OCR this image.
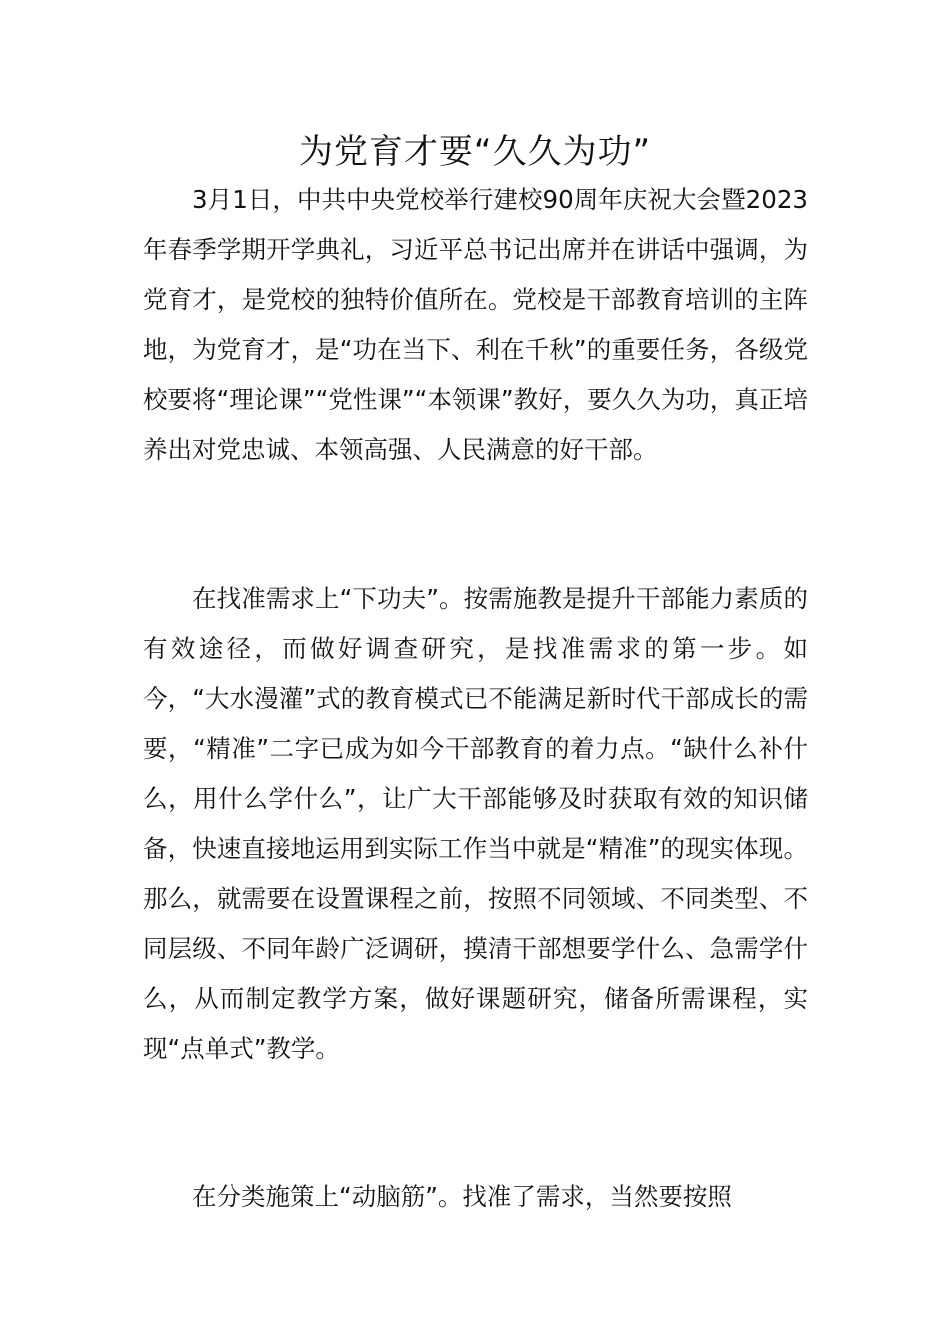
为党育才要“久久为功”

3月1日，中共中央党校举行建校90周年庆祝大会暨2023年春季学期开学典礼，习近平总书记出席并在讲话中强调，为党育才，是党校的独特价值所在。党校是干部教育培训的主阵地，为党育才，是“功在当下、利在千秋”的重要任务，各级党校要将“理论课”“党性课”“本领课”教好，要久久为功，真正培养出对党忠诚、本领高强、人民满意的好干部。

在找准需求上“下功夫”。按需施教是提升干部能力素质的有效途径，而做好调查研究，是找准需求的第一步。如今，“大水漫灌”式的教育模式已不能满足新时代干部成长的需要，“精准”二字已成为如今干部教育的着力点。“缺什么补什么，用什么学什么”，让广大干部能够及时获取有效的知识储备，快速直接地运用到实际工作当中就是“精准”的现实体现。那么，就需要在设置课程之前，按照不同领域、不同类型、不同层级、不同年龄广泛调研，摸清干部想要学什么、急需学什么，从而制定教学方案，做好课题研究，储备所需课程，实现“点单式”教学。

在分类施策上“动脑筋”。找准了需求，当然要按照
